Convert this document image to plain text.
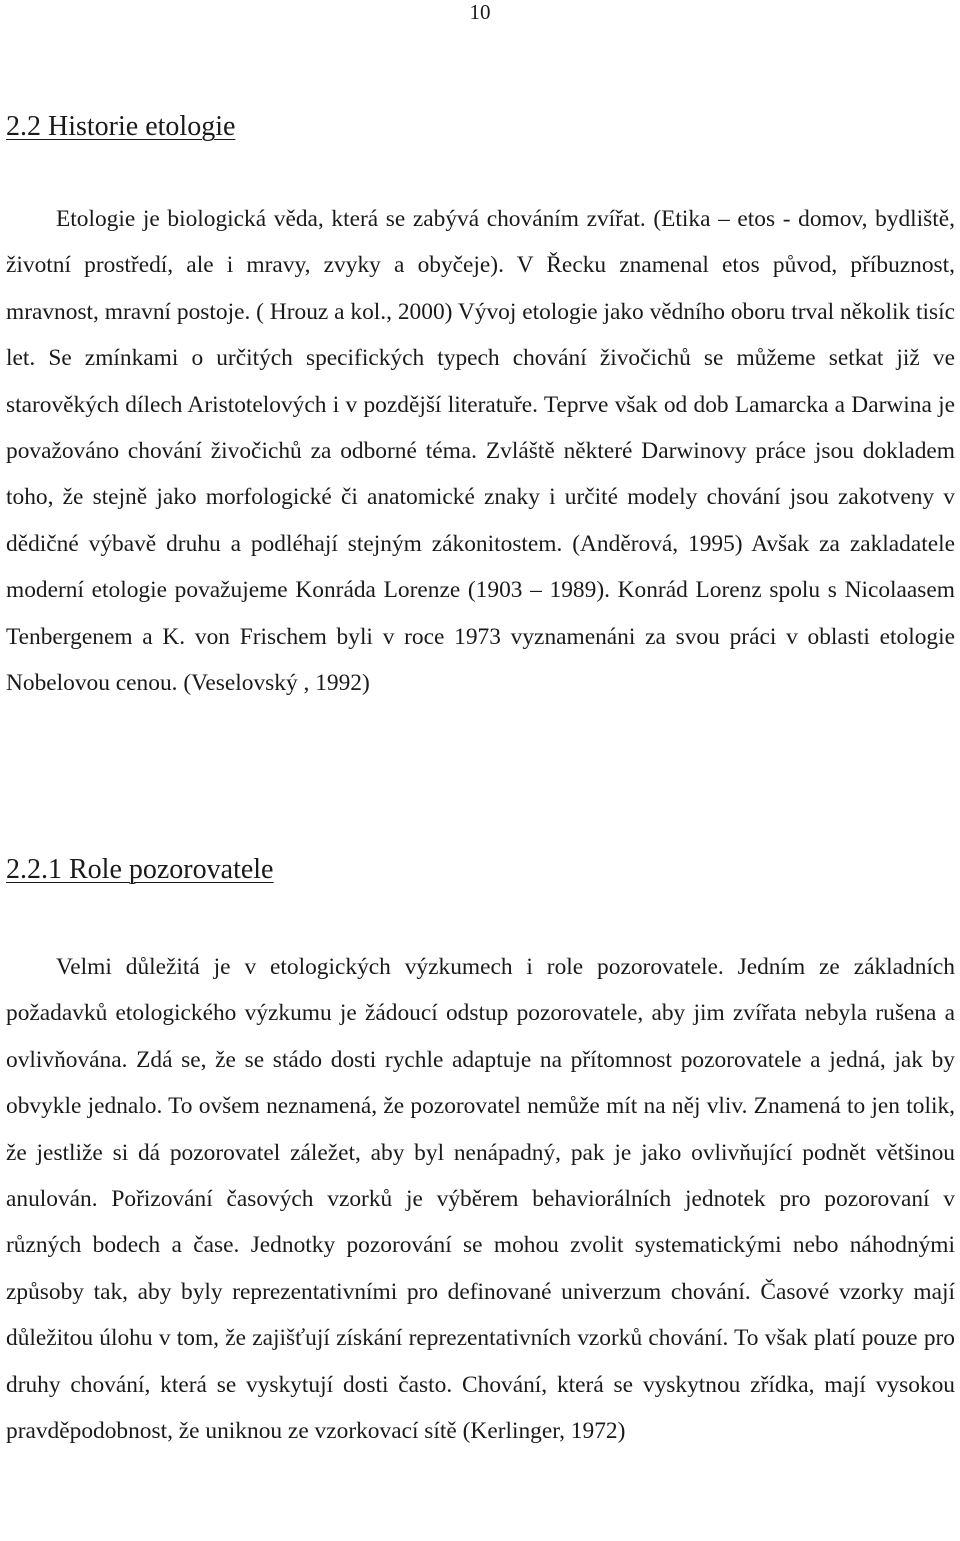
10
2.2 Historie etologie

Etologie je biologická věda, která se zabývá chováním zvířat. (Etika – etos - domov, bydliště, životní prostředí, ale i mravy, zvyky a obyčeje). V Řecku znamenal etos původ, příbuznost, mravnost, mravní postoje. ( Hrouz a kol., 2000) Vývoj etologie jako vědního oboru trval několik tisíc let. Se zmínkami o určitých specifických typech chování živočichů se můžeme setkat již ve starověkých dílech Aristotelových i v pozdější literatuře. Teprve však od dob Lamarcka a Darwina je považováno chování živočichů za odborné téma. Zvláště některé Darwinovy práce jsou dokladem toho, že stejně jako morfologické či anatomické znaky i určité modely chování jsou zakotveny v dědičné výbavě druhu a podléhají stejným zákonitostem. (Anděrová, 1995) Avšak za zakladatele moderní etologie považujeme Konráda Lorenze (1903 – 1989). Konrád Lorenz spolu s Nicolaasem Tenbergenem a K. von Frischem byli v roce 1973 vyznamenáni za svou práci v oblasti etologie Nobelovou cenou. (Veselovský , 1992)

2.2.1 Role pozorovatele

Velmi důležitá je v etologických výzkumech i role pozorovatele. Jedním ze základních požadavků etologického výzkumu je žádoucí odstup pozorovatele, aby jim zvířata nebyla rušena a ovlivňována. Zdá se, že se stádo dosti rychle adaptuje na přítomnost pozorovatele a jedná, jak by obvykle jednalo. To ovšem neznamená, že pozorovatel nemůže mít na něj vliv. Znamená to jen tolik, že jestliže si dá pozorovatel záležet, aby byl nenápadný, pak je jako ovlivňující podnět většinou anulován. Pořizování časových vzorků je výběrem behaviorálních jednotek pro pozorovaní v různých bodech a čase. Jednotky pozorování se mohou zvolit systematickými nebo náhodnými způsoby tak, aby byly reprezentativními pro definované univerzum chování. Časové vzorky mají důležitou úlohu v tom, že zajišťují získání reprezentativních vzorků chování. To však platí pouze pro druhy chování, která se vyskytují dosti často. Chování, která se vyskytnou zřídka, mají vysokou pravděpodobnost, že uniknou ze vzorkovací sítě (Kerlinger, 1972)
